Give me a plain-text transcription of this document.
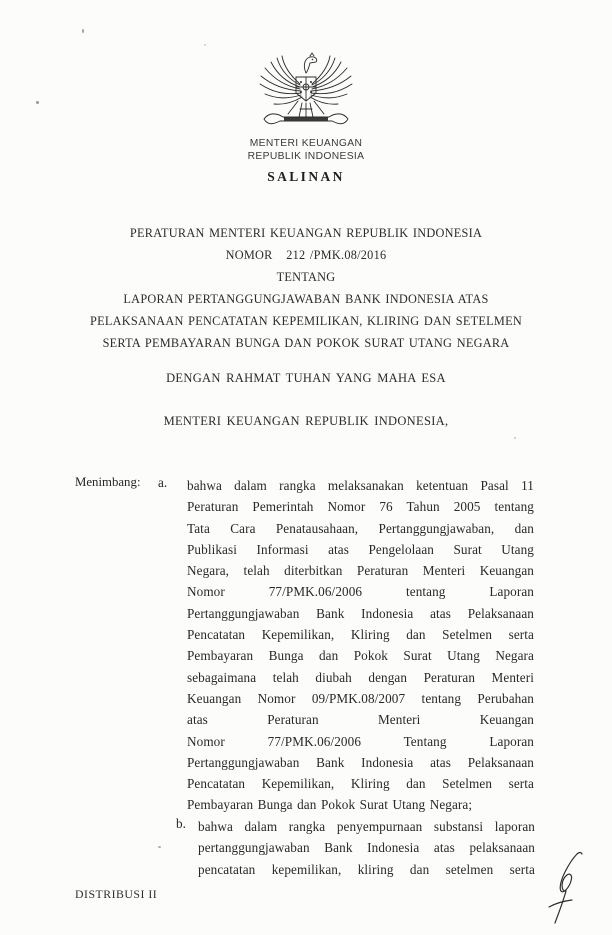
MENTERI KEUANGAN
REPUBLIK INDONESIA
SALINAN
PERATURAN MENTERI KEUANGAN REPUBLIK INDONESIA
NOMOR   212 /PMK.08/2016
TENTANG
LAPORAN PERTANGGUNGJAWABAN BANK INDONESIA ATAS
PELAKSANAAN PENCATATAN KEPEMILIKAN, KLIRING DAN SETELMEN
SERTA PEMBAYARAN BUNGA DAN POKOK SURAT UTANG NEGARA
DENGAN RAHMAT TUHAN YANG MAHA ESA
MENTERI KEUANGAN REPUBLIK INDONESIA,
Menimbang : a. bahwa dalam rangka melaksanakan ketentuan Pasal 11
Peraturan Pemerintah Nomor 76 Tahun 2005 tentang
Tata Cara Penatausahaan, Pertanggungjawaban, dan
Publikasi Informasi atas Pengelolaan Surat Utang
Negara, telah diterbitkan Peraturan Menteri Keuangan
Nomor 77/PMK.06/2006 tentang Laporan
Pertanggungjawaban Bank Indonesia atas Pelaksanaan
Pencatatan Kepemilikan, Kliring dan Setelmen serta
Pembayaran Bunga dan Pokok Surat Utang Negara
sebagaimana telah diubah dengan Peraturan Menteri
Keuangan Nomor 09/PMK.08/2007 tentang Perubahan
atas Peraturan Menteri Keuangan
Nomor 77/PMK.06/2006 Tentang Laporan
Pertanggungjawaban Bank Indonesia atas Pelaksanaan
Pencatatan Kepemilikan, Kliring dan Setelmen serta
Pembayaran Bunga dan Pokok Surat Utang Negara;
b. bahwa dalam rangka penyempurnaan substansi laporan
pertanggungjawaban Bank Indonesia atas pelaksanaan
pencatatan kepemilikan, kliring dan setelmen serta
DISTRIBUSI II
